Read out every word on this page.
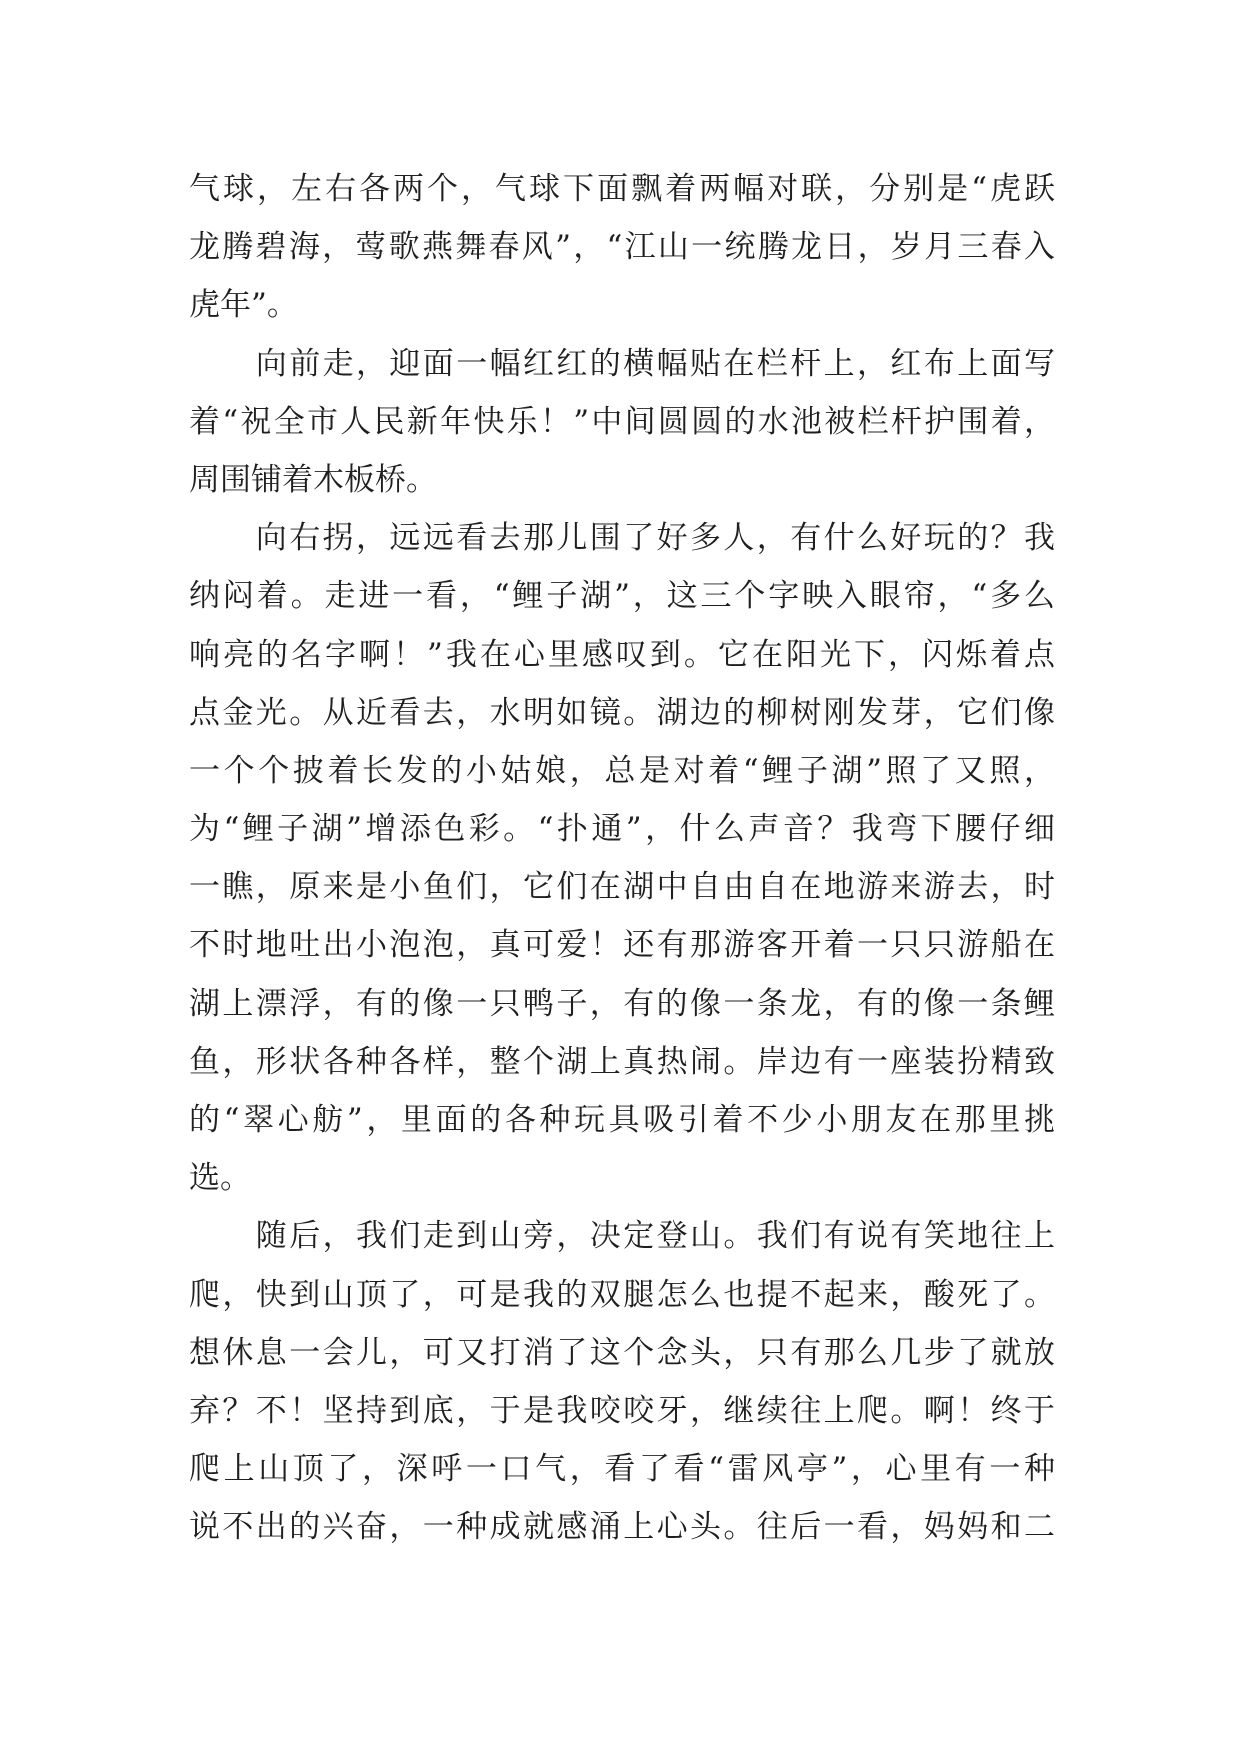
气球，左右各两个，气球下面飘着两幅对联，分别是“虎跃
龙腾碧海，莺歌燕舞春风”，“江山一统腾龙日，岁月三春入
虎年”。
　　向前走，迎面一幅红红的横幅贴在栏杆上，红布上面写
着“祝全市人民新年快乐！”中间圆圆的水池被栏杆护围着，
周围铺着木板桥。
　　向右拐，远远看去那儿围了好多人，有什么好玩的？我
纳闷着。走进一看，“鲤子湖”，这三个字映入眼帘，“多么
响亮的名字啊！”我在心里感叹到。它在阳光下，闪烁着点
点金光。从近看去，水明如镜。湖边的柳树刚发芽，它们像
一个个披着长发的小姑娘，总是对着“鲤子湖”照了又照，
为“鲤子湖”增添色彩。“扑通”，什么声音？我弯下腰仔细
一瞧，原来是小鱼们，它们在湖中自由自在地游来游去，时
不时地吐出小泡泡，真可爱！还有那游客开着一只只游船在
湖上漂浮，有的像一只鸭子，有的像一条龙，有的像一条鲤
鱼，形状各种各样，整个湖上真热闹。岸边有一座装扮精致
的“翠心舫”，里面的各种玩具吸引着不少小朋友在那里挑
选。
　　随后，我们走到山旁，决定登山。我们有说有笑地往上
爬，快到山顶了，可是我的双腿怎么也提不起来，酸死了。
想休息一会儿，可又打消了这个念头，只有那么几步了就放
弃？不！坚持到底，于是我咬咬牙，继续往上爬。啊！终于
爬上山顶了，深呼一口气，看了看“雷风亭”，心里有一种
说不出的兴奋，一种成就感涌上心头。往后一看，妈妈和二
